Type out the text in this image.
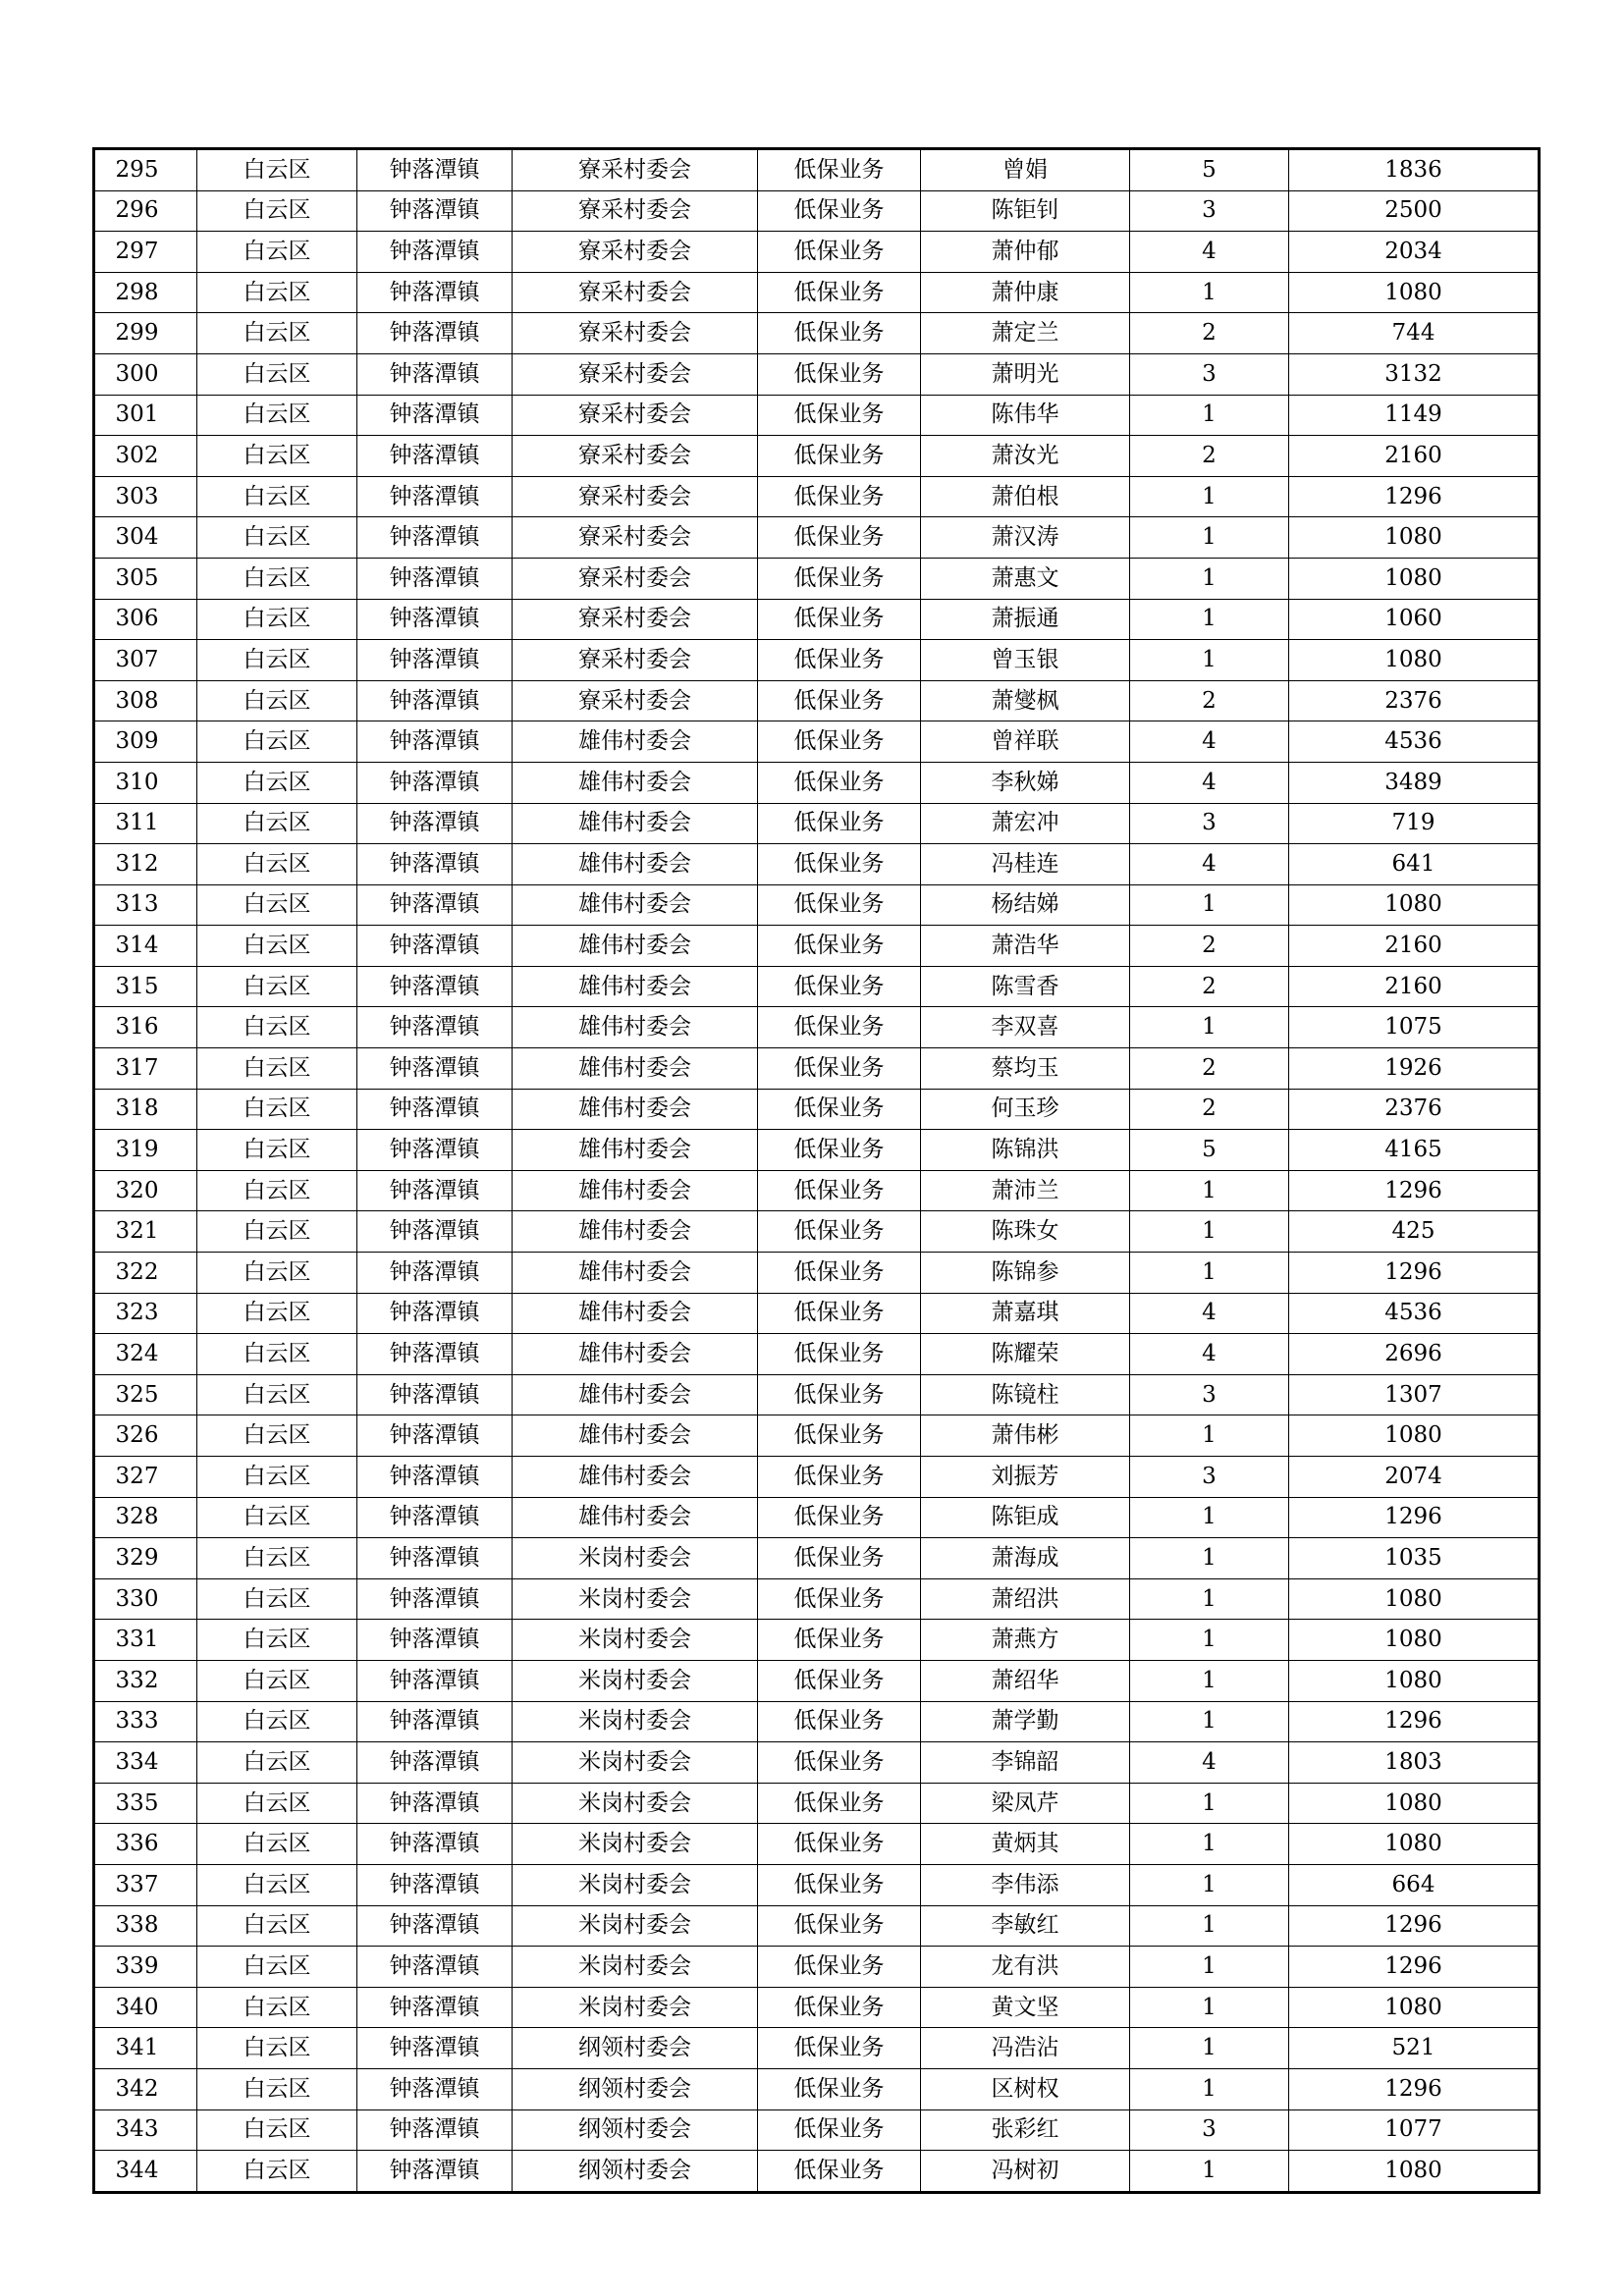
295	白云区	钟落潭镇	寮采村委会	低保业务	曾娟	5	1836
296	白云区	钟落潭镇	寮采村委会	低保业务	陈钜钊	3	2500
297	白云区	钟落潭镇	寮采村委会	低保业务	萧仲郁	4	2034
298	白云区	钟落潭镇	寮采村委会	低保业务	萧仲康	1	1080
299	白云区	钟落潭镇	寮采村委会	低保业务	萧定兰	2	744
300	白云区	钟落潭镇	寮采村委会	低保业务	萧明光	3	3132
301	白云区	钟落潭镇	寮采村委会	低保业务	陈伟华	1	1149
302	白云区	钟落潭镇	寮采村委会	低保业务	萧汝光	2	2160
303	白云区	钟落潭镇	寮采村委会	低保业务	萧伯根	1	1296
304	白云区	钟落潭镇	寮采村委会	低保业务	萧汉涛	1	1080
305	白云区	钟落潭镇	寮采村委会	低保业务	萧惠文	1	1080
306	白云区	钟落潭镇	寮采村委会	低保业务	萧振通	1	1060
307	白云区	钟落潭镇	寮采村委会	低保业务	曾玉银	1	1080
308	白云区	钟落潭镇	寮采村委会	低保业务	萧燮枫	2	2376
309	白云区	钟落潭镇	雄伟村委会	低保业务	曾祥联	4	4536
310	白云区	钟落潭镇	雄伟村委会	低保业务	李秋娣	4	3489
311	白云区	钟落潭镇	雄伟村委会	低保业务	萧宏冲	3	719
312	白云区	钟落潭镇	雄伟村委会	低保业务	冯桂连	4	641
313	白云区	钟落潭镇	雄伟村委会	低保业务	杨结娣	1	1080
314	白云区	钟落潭镇	雄伟村委会	低保业务	萧浩华	2	2160
315	白云区	钟落潭镇	雄伟村委会	低保业务	陈雪香	2	2160
316	白云区	钟落潭镇	雄伟村委会	低保业务	李双喜	1	1075
317	白云区	钟落潭镇	雄伟村委会	低保业务	蔡均玉	2	1926
318	白云区	钟落潭镇	雄伟村委会	低保业务	何玉珍	2	2376
319	白云区	钟落潭镇	雄伟村委会	低保业务	陈锦洪	5	4165
320	白云区	钟落潭镇	雄伟村委会	低保业务	萧沛兰	1	1296
321	白云区	钟落潭镇	雄伟村委会	低保业务	陈珠女	1	425
322	白云区	钟落潭镇	雄伟村委会	低保业务	陈锦参	1	1296
323	白云区	钟落潭镇	雄伟村委会	低保业务	萧嘉琪	4	4536
324	白云区	钟落潭镇	雄伟村委会	低保业务	陈耀荣	4	2696
325	白云区	钟落潭镇	雄伟村委会	低保业务	陈镜柱	3	1307
326	白云区	钟落潭镇	雄伟村委会	低保业务	萧伟彬	1	1080
327	白云区	钟落潭镇	雄伟村委会	低保业务	刘振芳	3	2074
328	白云区	钟落潭镇	雄伟村委会	低保业务	陈钜成	1	1296
329	白云区	钟落潭镇	米岗村委会	低保业务	萧海成	1	1035
330	白云区	钟落潭镇	米岗村委会	低保业务	萧绍洪	1	1080
331	白云区	钟落潭镇	米岗村委会	低保业务	萧燕方	1	1080
332	白云区	钟落潭镇	米岗村委会	低保业务	萧绍华	1	1080
333	白云区	钟落潭镇	米岗村委会	低保业务	萧学勤	1	1296
334	白云区	钟落潭镇	米岗村委会	低保业务	李锦韶	4	1803
335	白云区	钟落潭镇	米岗村委会	低保业务	梁凤芹	1	1080
336	白云区	钟落潭镇	米岗村委会	低保业务	黄炳其	1	1080
337	白云区	钟落潭镇	米岗村委会	低保业务	李伟添	1	664
338	白云区	钟落潭镇	米岗村委会	低保业务	李敏红	1	1296
339	白云区	钟落潭镇	米岗村委会	低保业务	龙有洪	1	1296
340	白云区	钟落潭镇	米岗村委会	低保业务	黄文坚	1	1080
341	白云区	钟落潭镇	纲领村委会	低保业务	冯浩沾	1	521
342	白云区	钟落潭镇	纲领村委会	低保业务	区树权	1	1296
343	白云区	钟落潭镇	纲领村委会	低保业务	张彩红	3	1077
344	白云区	钟落潭镇	纲领村委会	低保业务	冯树初	1	1080
